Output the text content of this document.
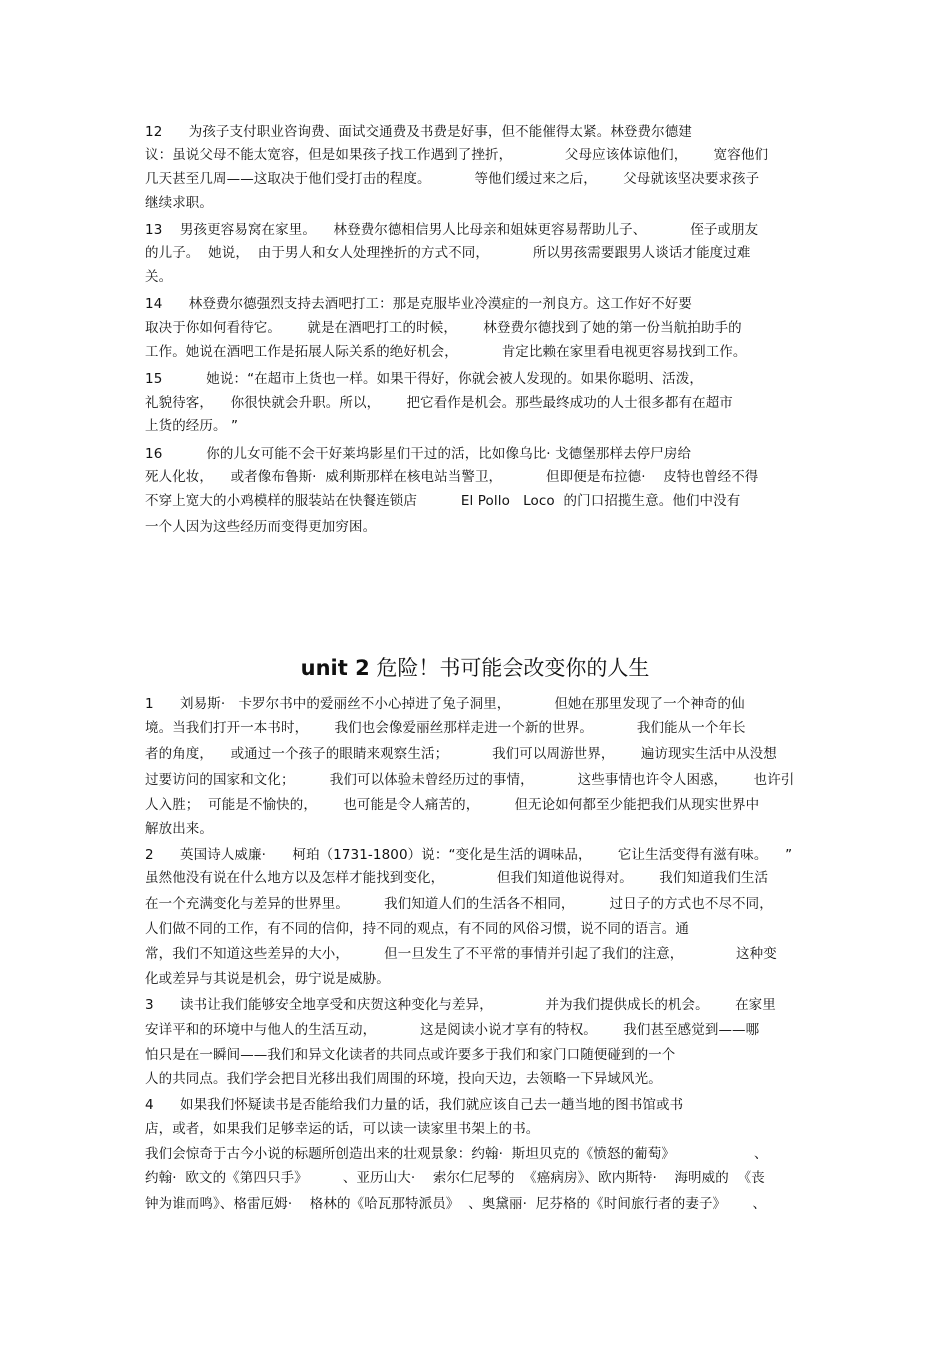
12      为孩子支付职业咨询费、面试交通费及书费是好事，但不能催得太紧。林登费尔德建
议：虽说父母不能太宽容，但是如果孩子找工作遇到了挫折，            父母应该体谅他们，      宽容他们
几天甚至几周——这取决于他们受打击的程度。          等他们缓过来之后，      父母就该坚决要求孩子
继续求职。
13    男孩更容易窝在家里。    林登费尔德相信男人比母亲和姐妹更容易帮助儿子、          侄子或朋友
的儿子。  她说，  由于男人和女人处理挫折的方式不同，          所以男孩需要跟男人谈话才能度过难
关。
14      林登费尔德强烈支持去酒吧打工：那是克服毕业冷漠症的一剂良方。这工作好不好要
取决于你如何看待它。      就是在酒吧打工的时候，      林登费尔德找到了她的第一份当航拍助手的
工作。她说在酒吧工作是拓展人际关系的绝好机会，          肯定比赖在家里看电视更容易找到工作。
15          她说：“在超市上货也一样。如果干得好，你就会被人发现的。如果你聪明、活泼，
礼貌待客，    你很快就会升职。所以，      把它看作是机会。那些最终成功的人士很多都有在超市
上货的经历。 ”
16          你的儿女可能不会干好莱坞影星们干过的活，比如像乌比· 戈德堡那样去停尸房给
死人化妆，    或者像布鲁斯·  威利斯那样在核电站当警卫，          但即便是布拉德·    皮特也曾经不得
不穿上宽大的小鸡模样的服装站在快餐连锁店          El Pollo   Loco  的门口招揽生意。他们中没有
一个人因为这些经历而变得更加穷困。
unit 2 危险！书可能会改变你的人生
1      刘易斯·   卡罗尔书中的爱丽丝不小心掉进了兔子洞里，          但她在那里发现了一个神奇的仙
境。当我们打开一本书时，      我们也会像爱丽丝那样走进一个新的世界。          我们能从一个年长
者的角度，    或通过一个孩子的眼睛来观察生活；          我们可以周游世界，      遍访现实生活中从没想
过要访问的国家和文化；        我们可以体验未曾经历过的事情，          这些事情也许令人困惑，      也许引
人入胜；  可能是不愉快的，      也可能是令人痛苦的，        但无论如何都至少能把我们从现实世界中
解放出来。
2      英国诗人威廉·      柯珀（1731-1800）说：“变化是生活的调味品，      它让生活变得有滋有味。    ”
虽然他没有说在什么地方以及怎样才能找到变化，            但我们知道他说得对。      我们知道我们生活
在一个充满变化与差异的世界里。        我们知道人们的生活各不相同，        过日子的方式也不尽不同，
人们做不同的工作，有不同的信仰，持不同的观点，有不同的风俗习惯，说不同的语言。通
常，我们不知道这些差异的大小，        但一旦发生了不平常的事情并引起了我们的注意，            这种变
化或差异与其说是机会，毋宁说是威胁。
3      读书让我们能够安全地享受和庆贺这种变化与差异，            并为我们提供成长的机会。      在家里
安详平和的环境中与他人的生活互动，          这是阅读小说才享有的特权。      我们甚至感觉到——哪
怕只是在一瞬间——我们和异文化读者的共同点或许要多于我们和家门口随便碰到的一个
人的共同点。我们学会把目光移出我们周围的环境，投向天边，去领略一下异域风光。
4      如果我们怀疑读书是否能给我们力量的话，我们就应该自己去一趟当地的图书馆或书
店，或者，如果我们足够幸运的话，可以读一读家里书架上的书。
我们会惊奇于古今小说的标题所创造出来的壮观景象：约翰·  斯坦贝克的《愤怒的葡萄》                  、
约翰·  欧文的《第四只手》        、亚历山大·    索尔仁尼琴的  《癌病房》、欧内斯特·    海明威的  《丧
钟为谁而鸣》、格雷厄姆·    格林的《哈瓦那特派员》  、奥黛丽·  尼芬格的《时间旅行者的妻子》      、
